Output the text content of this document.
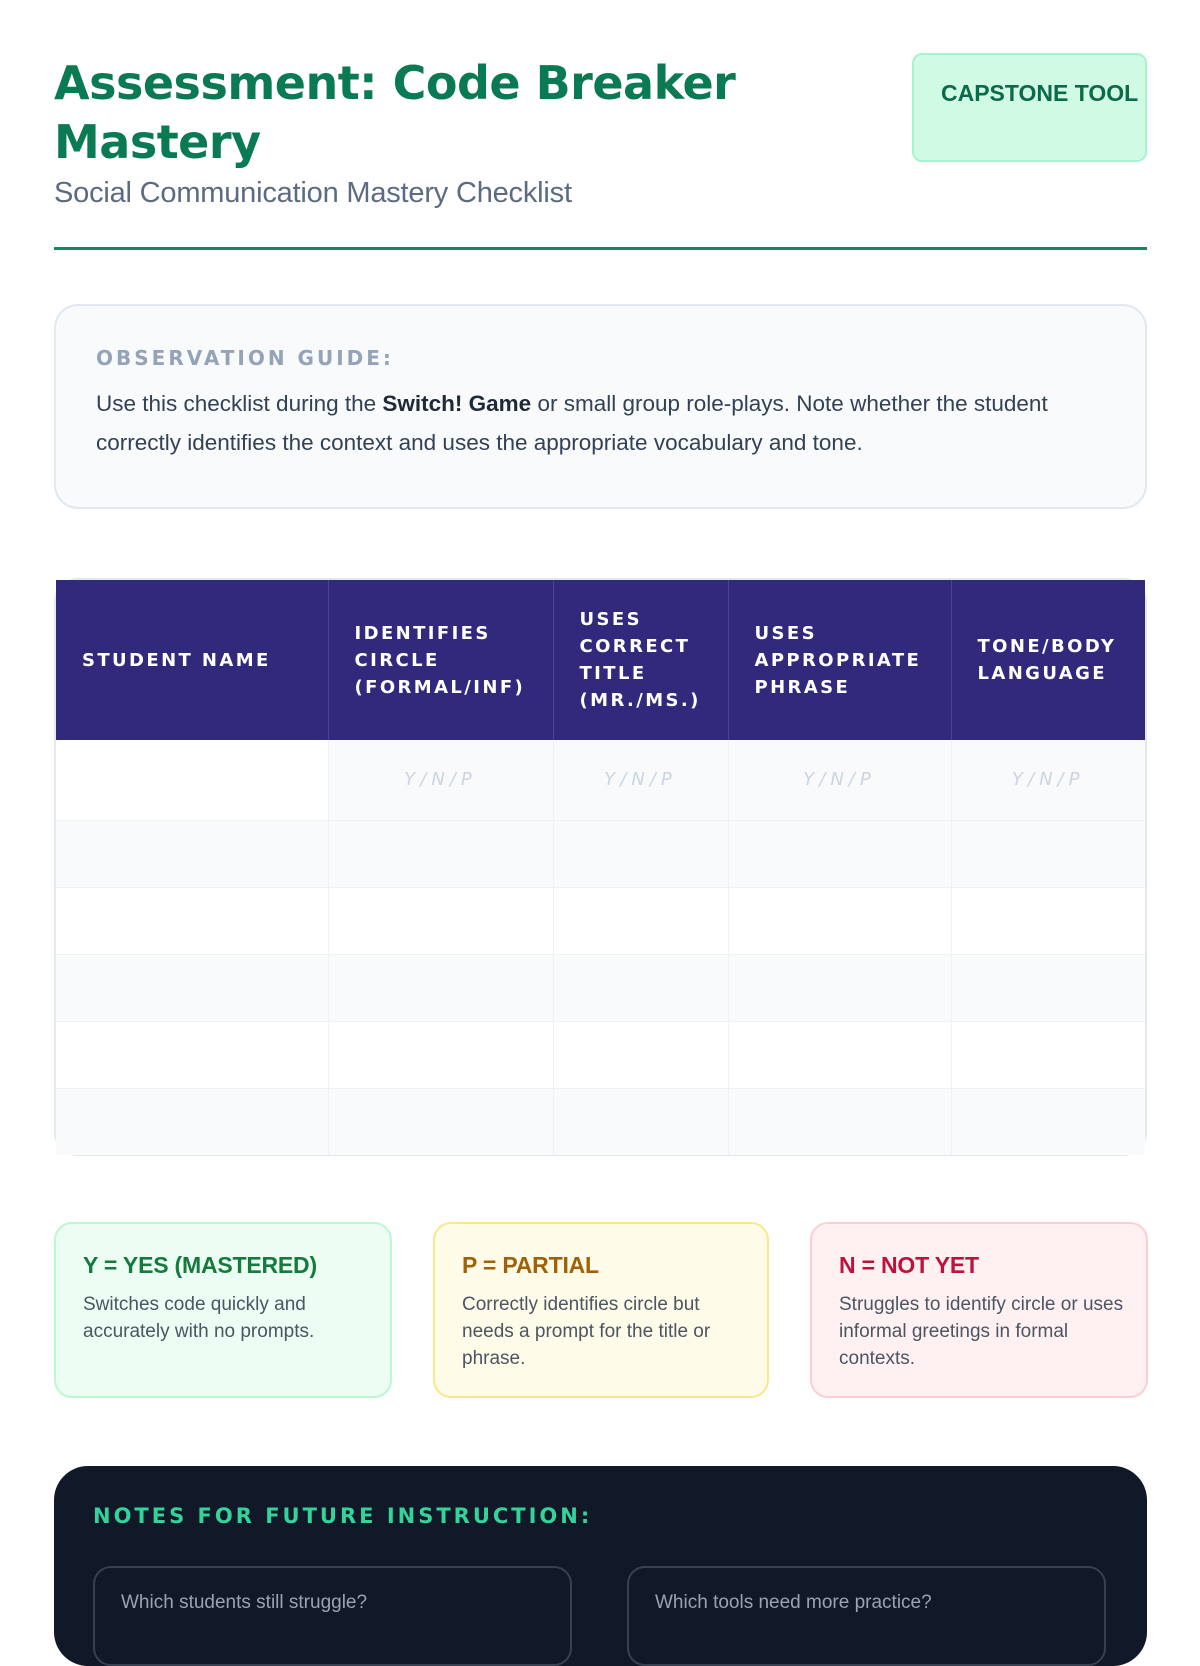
Assessment: Code Breaker Mastery
Social Communication Mastery Checklist
CAPSTONE TOOL
OBSERVATION GUIDE:

Use this checklist during the Switch! Game or small group role-plays. Note whether the student correctly identifies the context and uses the appropriate vocabulary and tone.

STUDENT NAME	IDENTIFIES CIRCLE (FORMAL/INF)	USES CORRECT TITLE (MR./MS.)	USES APPROPRIATE PHRASE	TONE/BODY LANGUAGE
	Y/N/P	Y/N/P	Y/N/P	Y/N/P

Y = YES (MASTERED)
Switches code quickly and accurately with no prompts.
P = PARTIAL
Correctly identifies circle but needs a prompt for the title or phrase.
N = NOT YET
Struggles to identify circle or uses informal greetings in formal contexts.
NOTES FOR FUTURE INSTRUCTION:
Which students still struggle?	Which tools need more practice?
